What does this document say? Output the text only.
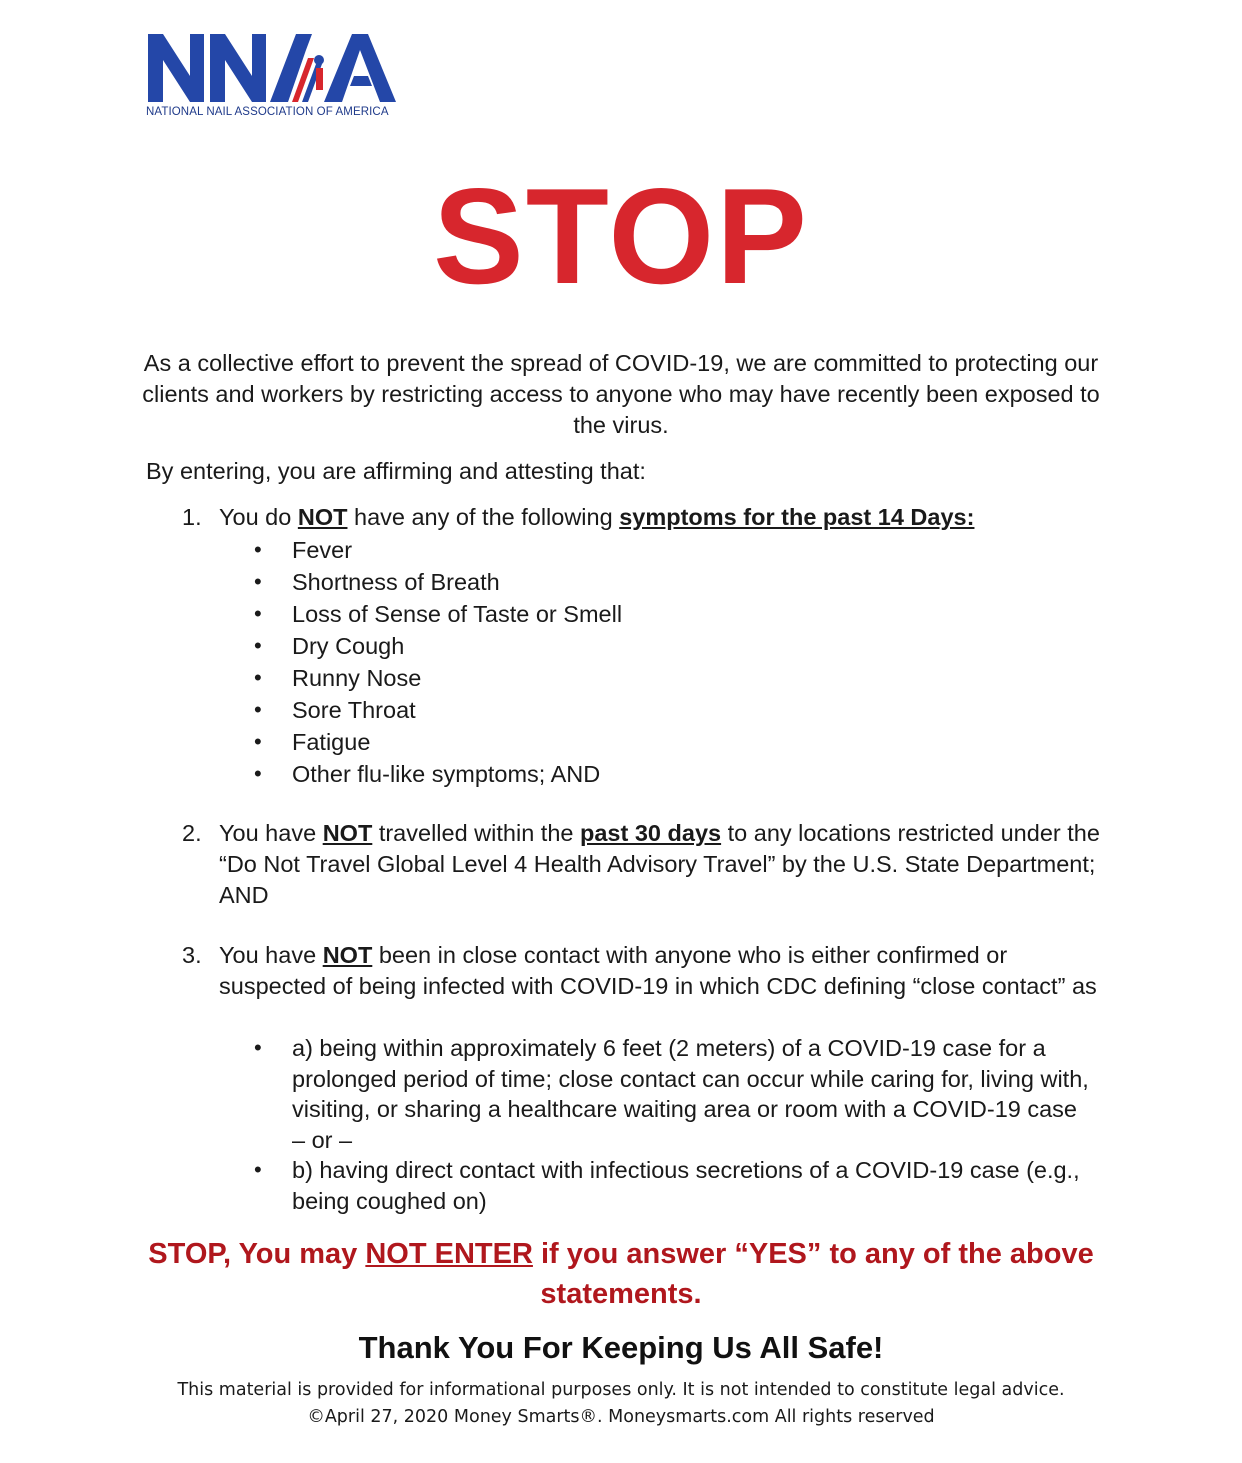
NATIONAL NAIL ASSOCIATION OF AMERICA
STOP
As a collective effort to prevent the spread of COVID-19, we are committed to protecting our clients and workers by restricting access to anyone who may have recently been exposed to the virus.
By entering, you are affirming and attesting that:
1. You do NOT have any of the following symptoms for the past 14 Days:
• Fever
• Shortness of Breath
• Loss of Sense of Taste or Smell
• Dry Cough
• Runny Nose
• Sore Throat
• Fatigue
• Other flu-like symptoms; AND
2. You have NOT travelled within the past 30 days to any locations restricted under the “Do Not Travel Global Level 4 Health Advisory Travel” by the U.S. State Department; AND
3. You have NOT been in close contact with anyone who is either confirmed or suspected of being infected with COVID-19 in which CDC defining “close contact” as
• a) being within approximately 6 feet (2 meters) of a COVID-19 case for a prolonged period of time; close contact can occur while caring for, living with, visiting, or sharing a healthcare waiting area or room with a COVID-19 case      – or –
• b) having direct contact with infectious secretions of a COVID-19 case (e.g., being coughed on)
STOP, You may NOT ENTER if you answer “YES” to any of the above statements.
Thank You For Keeping Us All Safe!
This material is provided for informational purposes only. It is not intended to constitute legal advice.
©April 27, 2020 Money Smarts®. Moneysmarts.com All rights reserved
